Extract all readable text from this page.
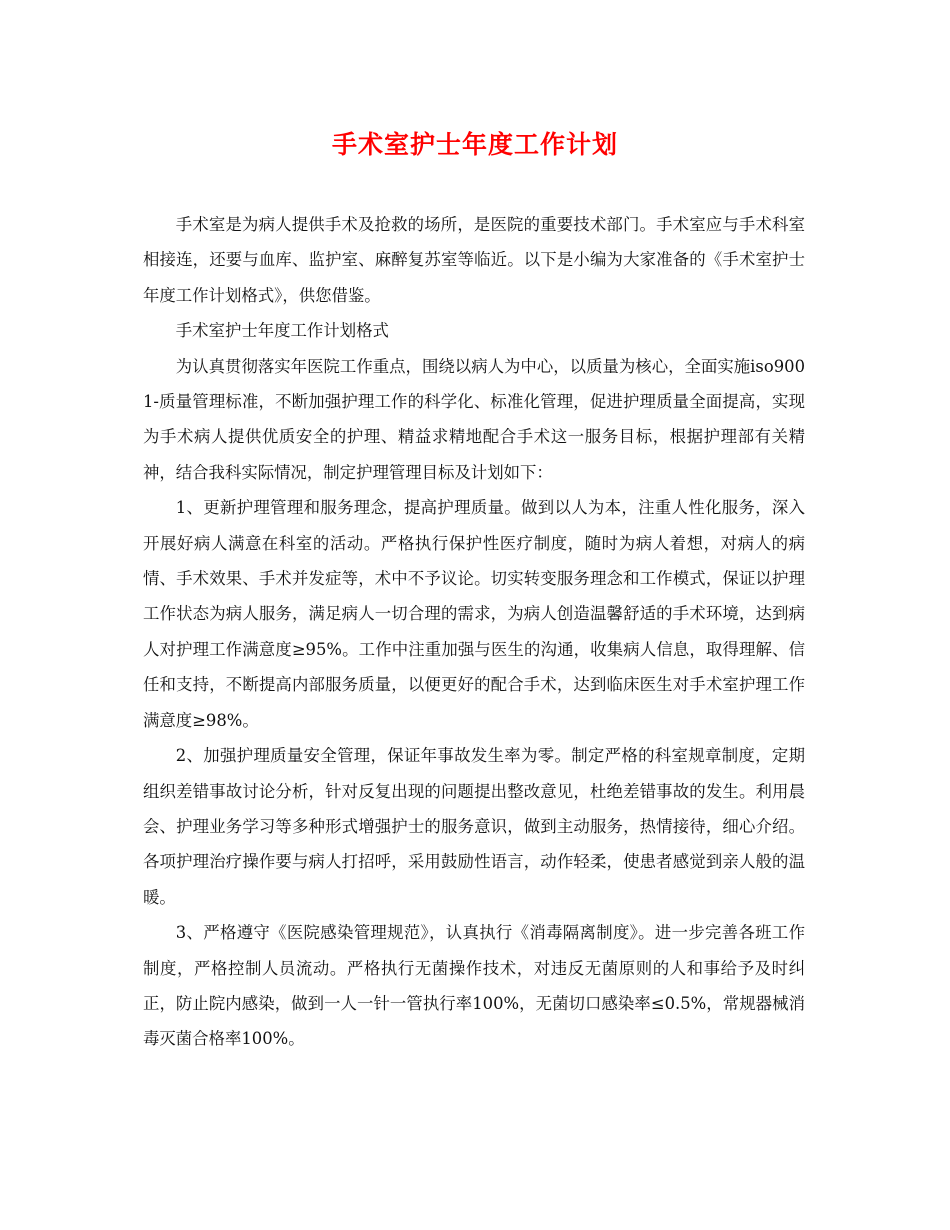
手术室护士年度工作计划

手术室是为病人提供手术及抢救的场所，是医院的重要技术部门。手术室应与手术科室相接连，还要与血库、监护室、麻醉复苏室等临近。以下是小编为大家准备的《手术室护士年度工作计划格式》，供您借鉴。

手术室护士年度工作计划格式

为认真贯彻落实年医院工作重点，围绕以病人为中心，以质量为核心，全面实施iso9001-质量管理标准，不断加强护理工作的科学化、标准化管理，促进护理质量全面提高，实现为手术病人提供优质安全的护理、精益求精地配合手术这一服务目标，根据护理部有关精神，结合我科实际情况，制定护理管理目标及计划如下：

1、更新护理管理和服务理念，提高护理质量。做到以人为本，注重人性化服务，深入开展好病人满意在科室的活动。严格执行保护性医疗制度，随时为病人着想，对病人的病情、手术效果、手术并发症等，术中不予议论。切实转变服务理念和工作模式，保证以护理工作状态为病人服务，满足病人一切合理的需求，为病人创造温馨舒适的手术环境，达到病人对护理工作满意度≥95%。工作中注重加强与医生的沟通，收集病人信息，取得理解、信任和支持，不断提高内部服务质量，以便更好的配合手术，达到临床医生对手术室护理工作满意度≥98%。

2、加强护理质量安全管理，保证年事故发生率为零。制定严格的科室规章制度，定期组织差错事故讨论分析，针对反复出现的问题提出整改意见，杜绝差错事故的发生。利用晨会、护理业务学习等多种形式增强护士的服务意识，做到主动服务，热情接待，细心介绍。各项护理治疗操作要与病人打招呼，采用鼓励性语言，动作轻柔，使患者感觉到亲人般的温暖。

3、严格遵守《医院感染管理规范》，认真执行《消毒隔离制度》。进一步完善各班工作制度，严格控制人员流动。严格执行无菌操作技术，对违反无菌原则的人和事给予及时纠正，防止院内感染，做到一人一针一管执行率100%，无菌切口感染率≤0.5%，常规器械消毒灭菌合格率100%。
